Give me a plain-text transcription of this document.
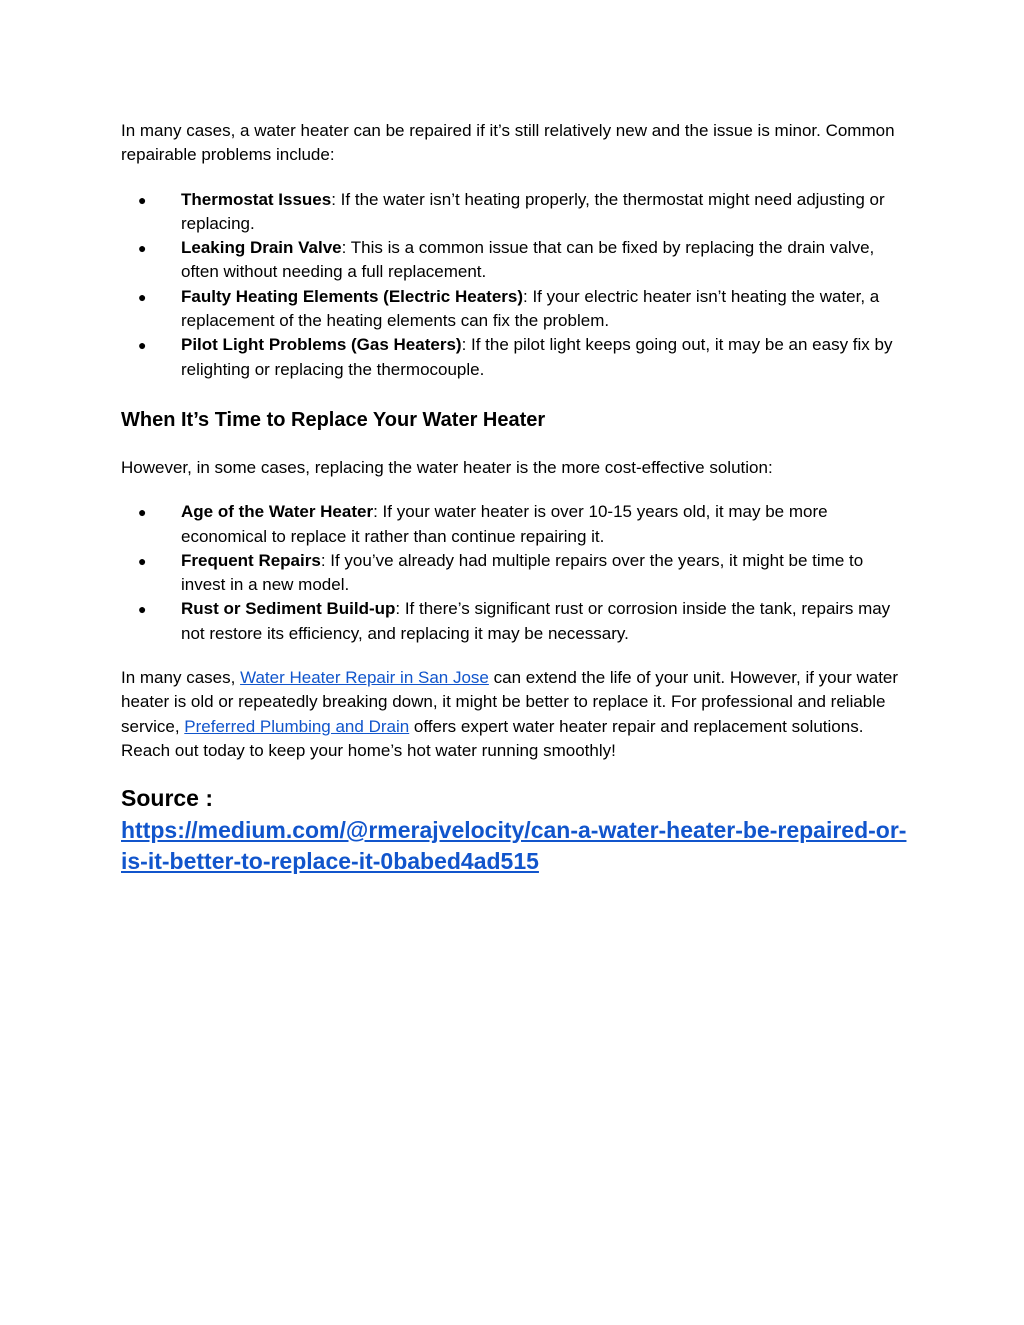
In many cases, a water heater can be repaired if it’s still relatively new and the issue is minor. Common repairable problems include:

● Thermostat Issues: If the water isn’t heating properly, the thermostat might need adjusting or replacing.
● Leaking Drain Valve: This is a common issue that can be fixed by replacing the drain valve, often without needing a full replacement.
● Faulty Heating Elements (Electric Heaters): If your electric heater isn’t heating the water, a replacement of the heating elements can fix the problem.
● Pilot Light Problems (Gas Heaters): If the pilot light keeps going out, it may be an easy fix by relighting or replacing the thermocouple.
When It’s Time to Replace Your Water Heater

However, in some cases, replacing the water heater is the more cost-effective solution:

● Age of the Water Heater: If your water heater is over 10-15 years old, it may be more economical to replace it rather than continue repairing it.
● Frequent Repairs: If you’ve already had multiple repairs over the years, it might be time to invest in a new model.
● Rust or Sediment Build-up: If there’s significant rust or corrosion inside the tank, repairs may not restore its efficiency, and replacing it may be necessary.

In many cases, Water Heater Repair in San Jose can extend the life of your unit. However, if your water heater is old or repeatedly breaking down, it might be better to replace it. For professional and reliable service, Preferred Plumbing and Drain offers expert water heater repair and replacement solutions. Reach out today to keep your home’s hot water running smoothly!

Source :
https://medium.com/@rmerajvelocity/can-a-water-heater-be-repaired-or-is-it-better-to-replace-it-0babed4ad515
